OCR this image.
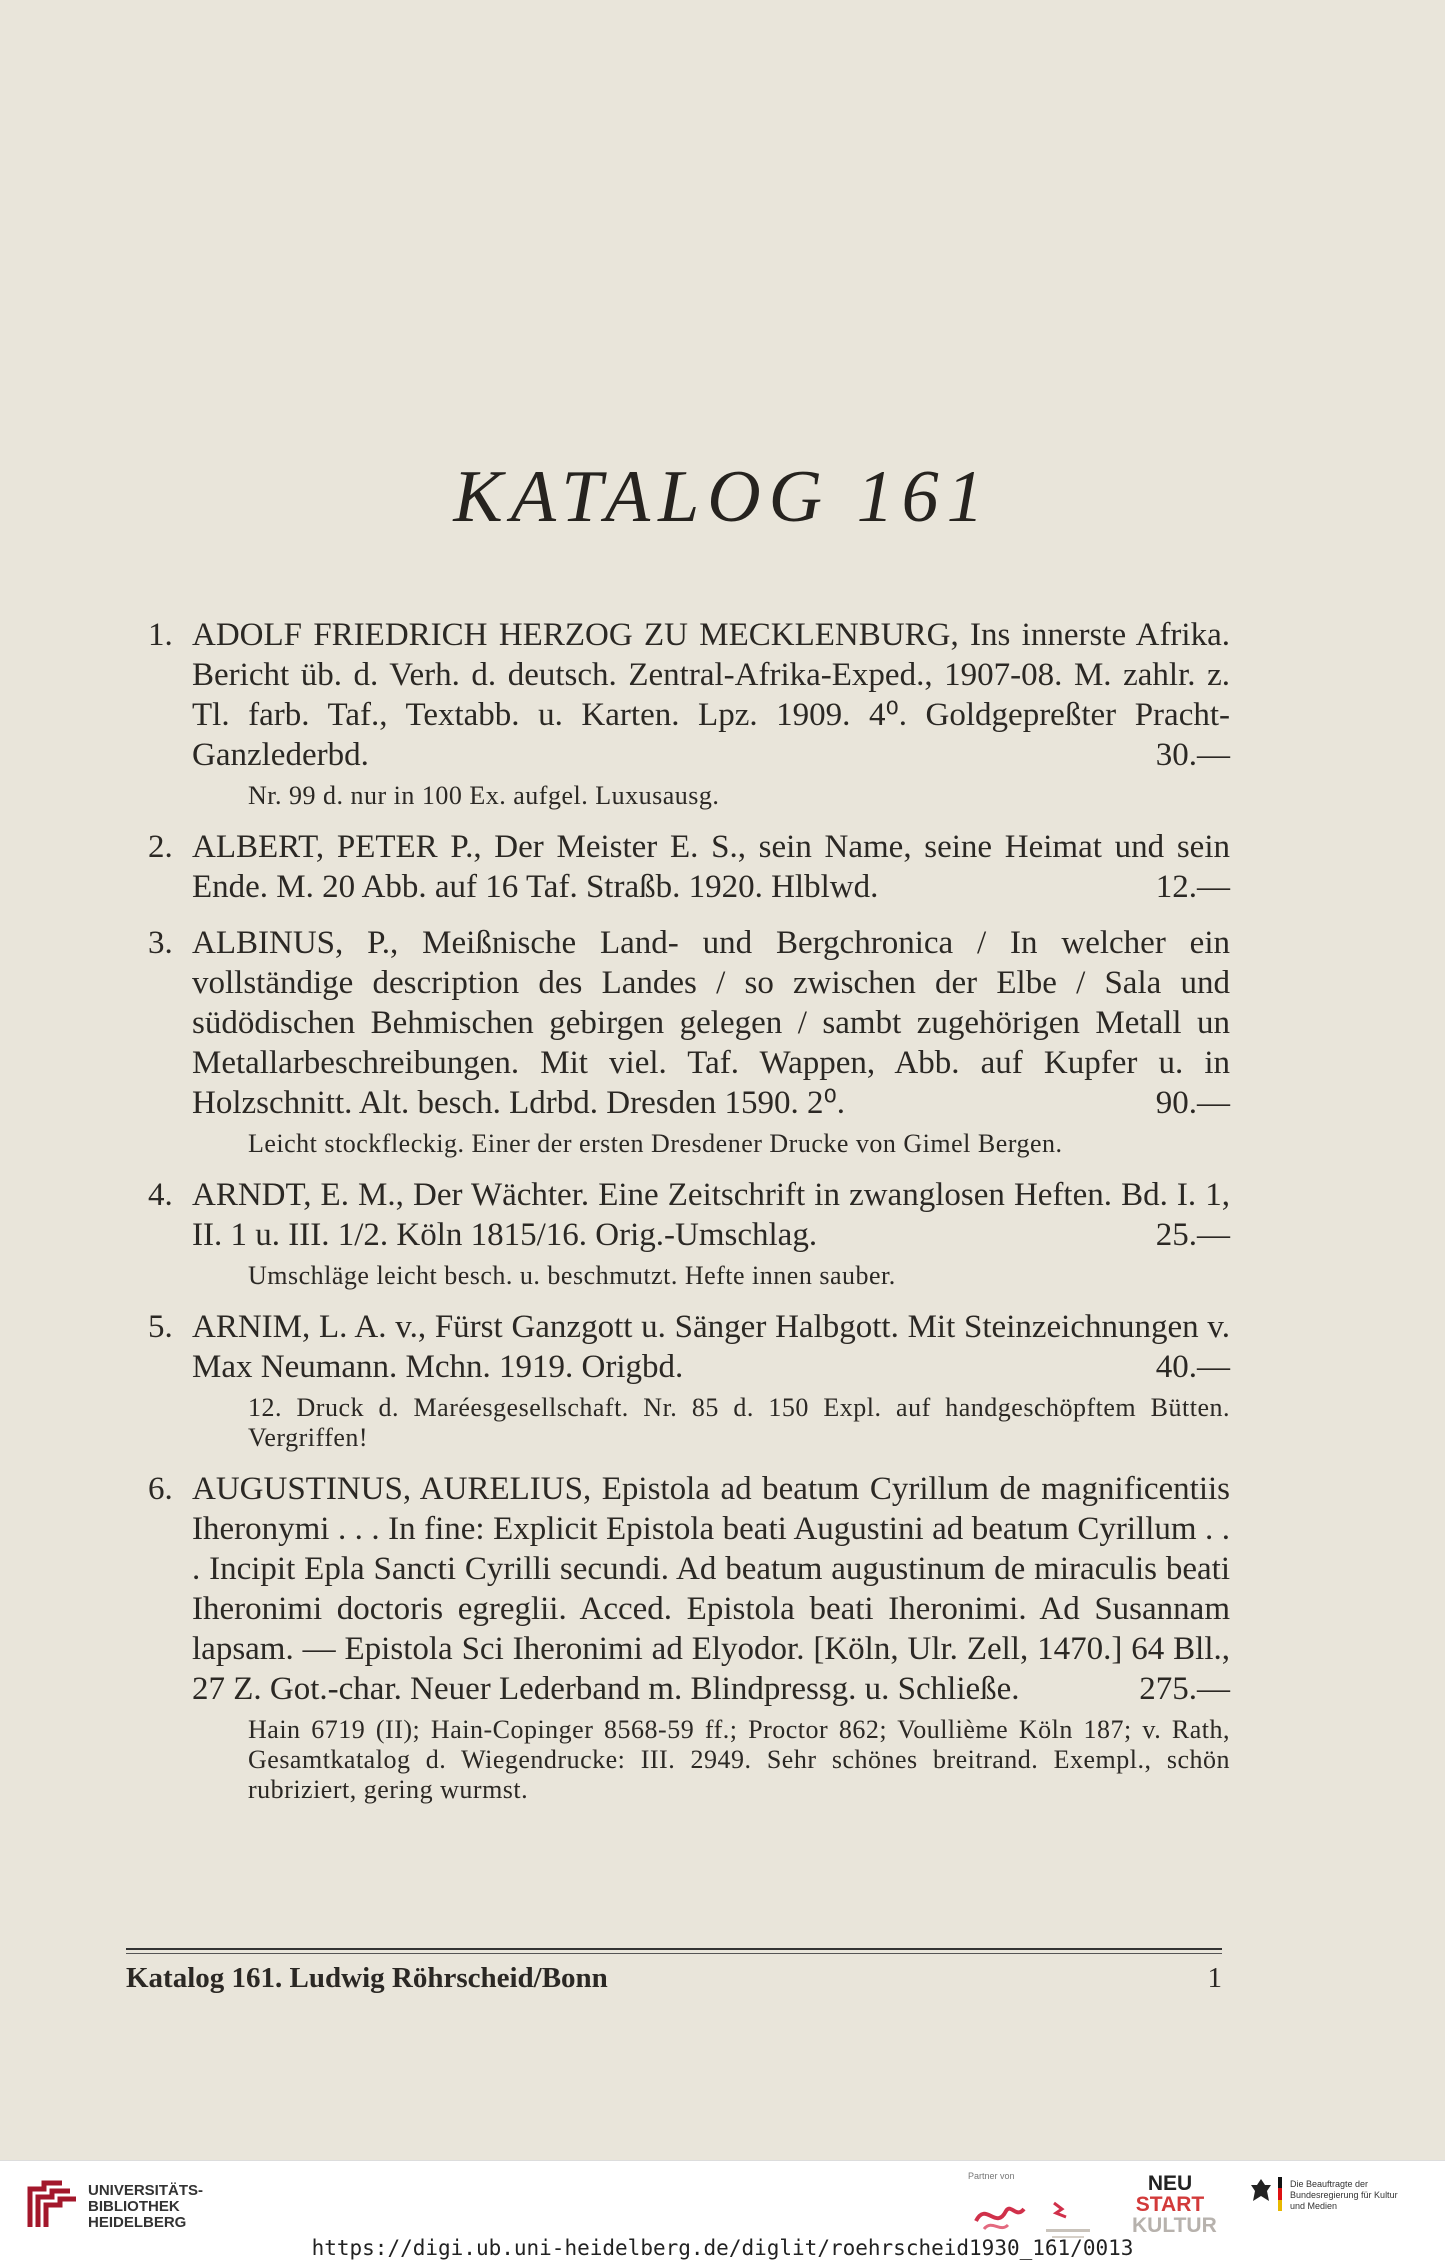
KATALOG 161
1. ADOLF FRIEDRICH HERZOG ZU MECKLENBURG, Ins innerste Afrika. Bericht üb. d. Verh. d. deutsch. Zentral-Afrika-Exped., 1907-08. M. zahlr. z. Tl. farb. Taf., Textabb. u. Karten. Lpz. 1909. 4⁰. Goldgepreßter Pracht-Ganzlederbd.	30.—
Nr. 99 d. nur in 100 Ex. aufgel. Luxusausg.
2. ALBERT, PETER P., Der Meister E. S., sein Name, seine Heimat und sein Ende. M. 20 Abb. auf 16 Taf. Straßb. 1920. Hlblwd.	12.—
3. ALBINUS, P., Meißnische Land- und Bergchronica / In welcher ein vollständige description des Landes / so zwischen der Elbe / Sala und südödischen Behmischen gebirgen gelegen / sambt zugehörigen Metall un Metallarbeschreibungen. Mit viel. Taf. Wappen, Abb. auf Kupfer u. in Holzschnitt. Alt. besch. Ldrbd. Dresden 1590. 2⁰.	90.—
Leicht stockfleckig. Einer der ersten Dresdener Drucke von Gimel Bergen.
4. ARNDT, E. M., Der Wächter. Eine Zeitschrift in zwanglosen Heften. Bd. I. 1, II. 1 u. III. 1/2. Köln 1815/16. Orig.-Umschlag.	25.—
Umschläge leicht besch. u. beschmutzt. Hefte innen sauber.
5. ARNIM, L. A. v., Fürst Ganzgott u. Sänger Halbgott. Mit Steinzeichnungen v. Max Neumann. Mchn. 1919. Origbd.	40.—
12. Druck d. Maréesgesellschaft. Nr. 85 d. 150 Expl. auf handgeschöpftem Bütten. Vergriffen!
6. AUGUSTINUS, AURELIUS, Epistola ad beatum Cyrillum de magnificentiis Iheronymi . . . In fine: Explicit Epistola beati Augustini ad beatum Cyrillum . . . Incipit Epla Sancti Cyrilli secundi. Ad beatum augustinum de miraculis beati Iheronimi doctoris egreglii. Acced. Epistola beati Iheronimi. Ad Susannam lapsam. — Epistola Sci Iheronimi ad Elyodor. [Köln, Ulr. Zell, 1470.] 64 Bll., 27 Z. Got.-char. Neuer Lederband m. Blindpressg. u. Schließe.	275.—
Hain 6719 (II); Hain-Copinger 8568-59 ff.; Proctor 862; Voullième Köln 187; v. Rath, Gesamtkatalog d. Wiegendrucke: III. 2949. Sehr schönes breitrand. Exempl., schön rubriziert, gering wurmst.
Katalog 161. Ludwig Röhrscheid/Bonn	1
UNIVERSITÄTS-
BIBLIOTHEK
HEIDELBERG
Partner von	NEU
START
KULTUR
Die Beauftragte der Bundesregierung für Kultur und Medien
https://digi.ub.uni-heidelberg.de/diglit/roehrscheid1930_161/0013
